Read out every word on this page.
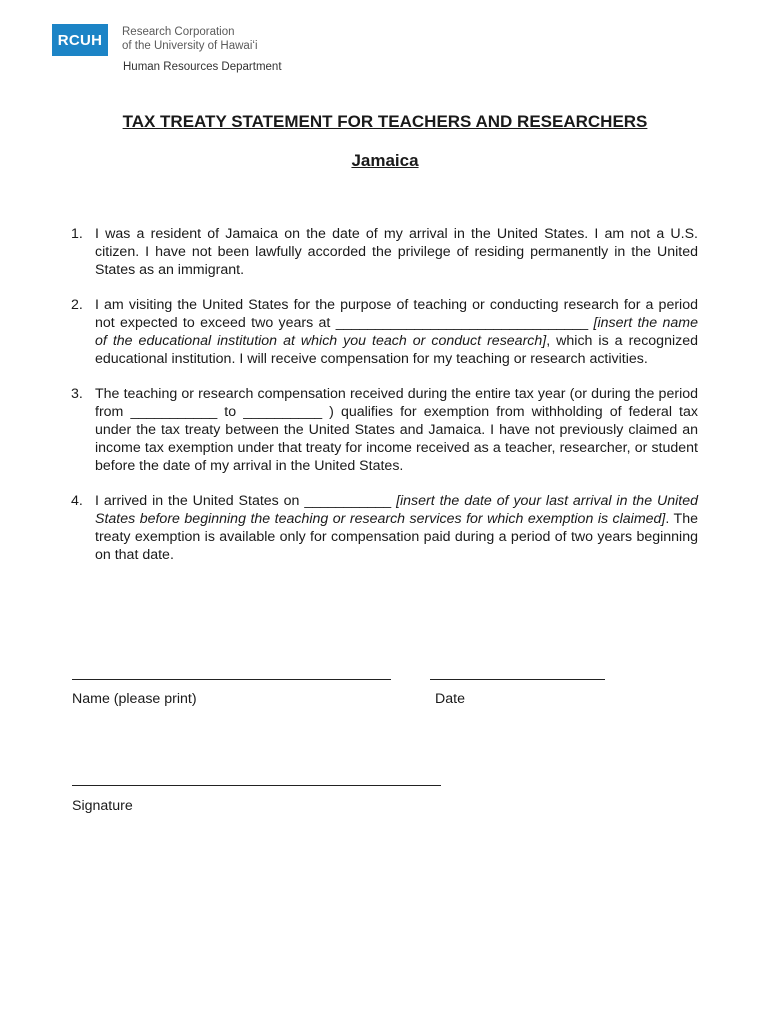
RCUH Research Corporation
of the University of Hawaiʻi
Human Resources Department
TAX TREATY STATEMENT FOR TEACHERS AND RESEARCHERS
Jamaica
1. I was a resident of Jamaica on the date of my arrival in the United States. I am not a U.S. citizen. I have not been lawfully accorded the privilege of residing permanently in the United States as an immigrant.
2. I am visiting the United States for the purpose of teaching or conducting research for a period not expected to exceed two years at ________________________________ [insert the name of the educational institution at which you teach or conduct research], which is a recognized educational institution. I will receive compensation for my teaching or research activities.
3. The teaching or research compensation received during the entire tax year (or during the period from ___________ to __________ ) qualifies for exemption from withholding of federal tax under the tax treaty between the United States and Jamaica. I have not previously claimed an income tax exemption under that treaty for income received as a teacher, researcher, or student before the date of my arrival in the United States.
4. I arrived in the United States on ___________ [insert the date of your last arrival in the United States before beginning the teaching or research services for which exemption is claimed]. The treaty exemption is available only for compensation paid during a period of two years beginning on that date.
Name (please print)	Date
Signature
